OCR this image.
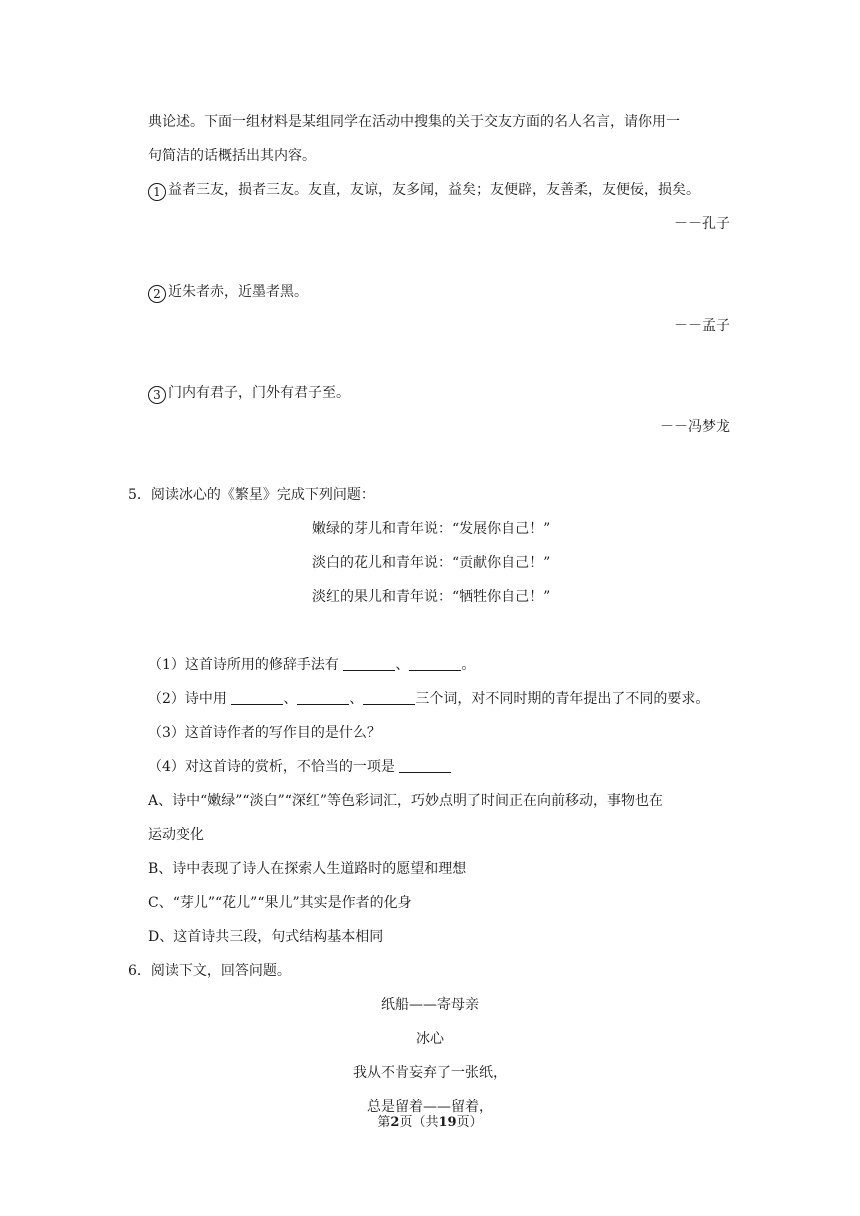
典论述。下面一组材料是某组同学在活动中搜集的关于交友方面的名人名言，请你用一
句简洁的话概括出其内容。
1 益者三友，损者三友。友直，友谅，友多闻，益矣；友便辟，友善柔，友便佞，损矣。
－－孔子
2 近朱者赤，近墨者黑。
－－孟子
3 门内有君子，门外有君子至。
－－冯梦龙
5．阅读冰心的《繁星》完成下列问题：
嫩绿的芽儿和青年说：“发展你自己！”
淡白的花儿和青年说：“贡献你自己！”
淡红的果儿和青年说：“牺牲你自己！”
（1）这首诗所用的修辞手法有	、	。
（2）诗中用	、	、	三个词，对不同时期的青年提出了不同的要求。
（3）这首诗作者的写作目的是什么？
（4）对这首诗的赏析，不恰当的一项是
A、诗中“嫩绿”“淡白”“深红”等色彩词汇，巧妙点明了时间正在向前移动，事物也在
运动变化
B、诗中表现了诗人在探索人生道路时的愿望和理想
C、“芽儿”“花儿”“果儿”其实是作者的化身
D、这首诗共三段，句式结构基本相同
6．阅读下文，回答问题。
纸船——寄母亲
冰心
我从不肯妄弃了一张纸，
总是留着——留着，
第2页（共19页）
